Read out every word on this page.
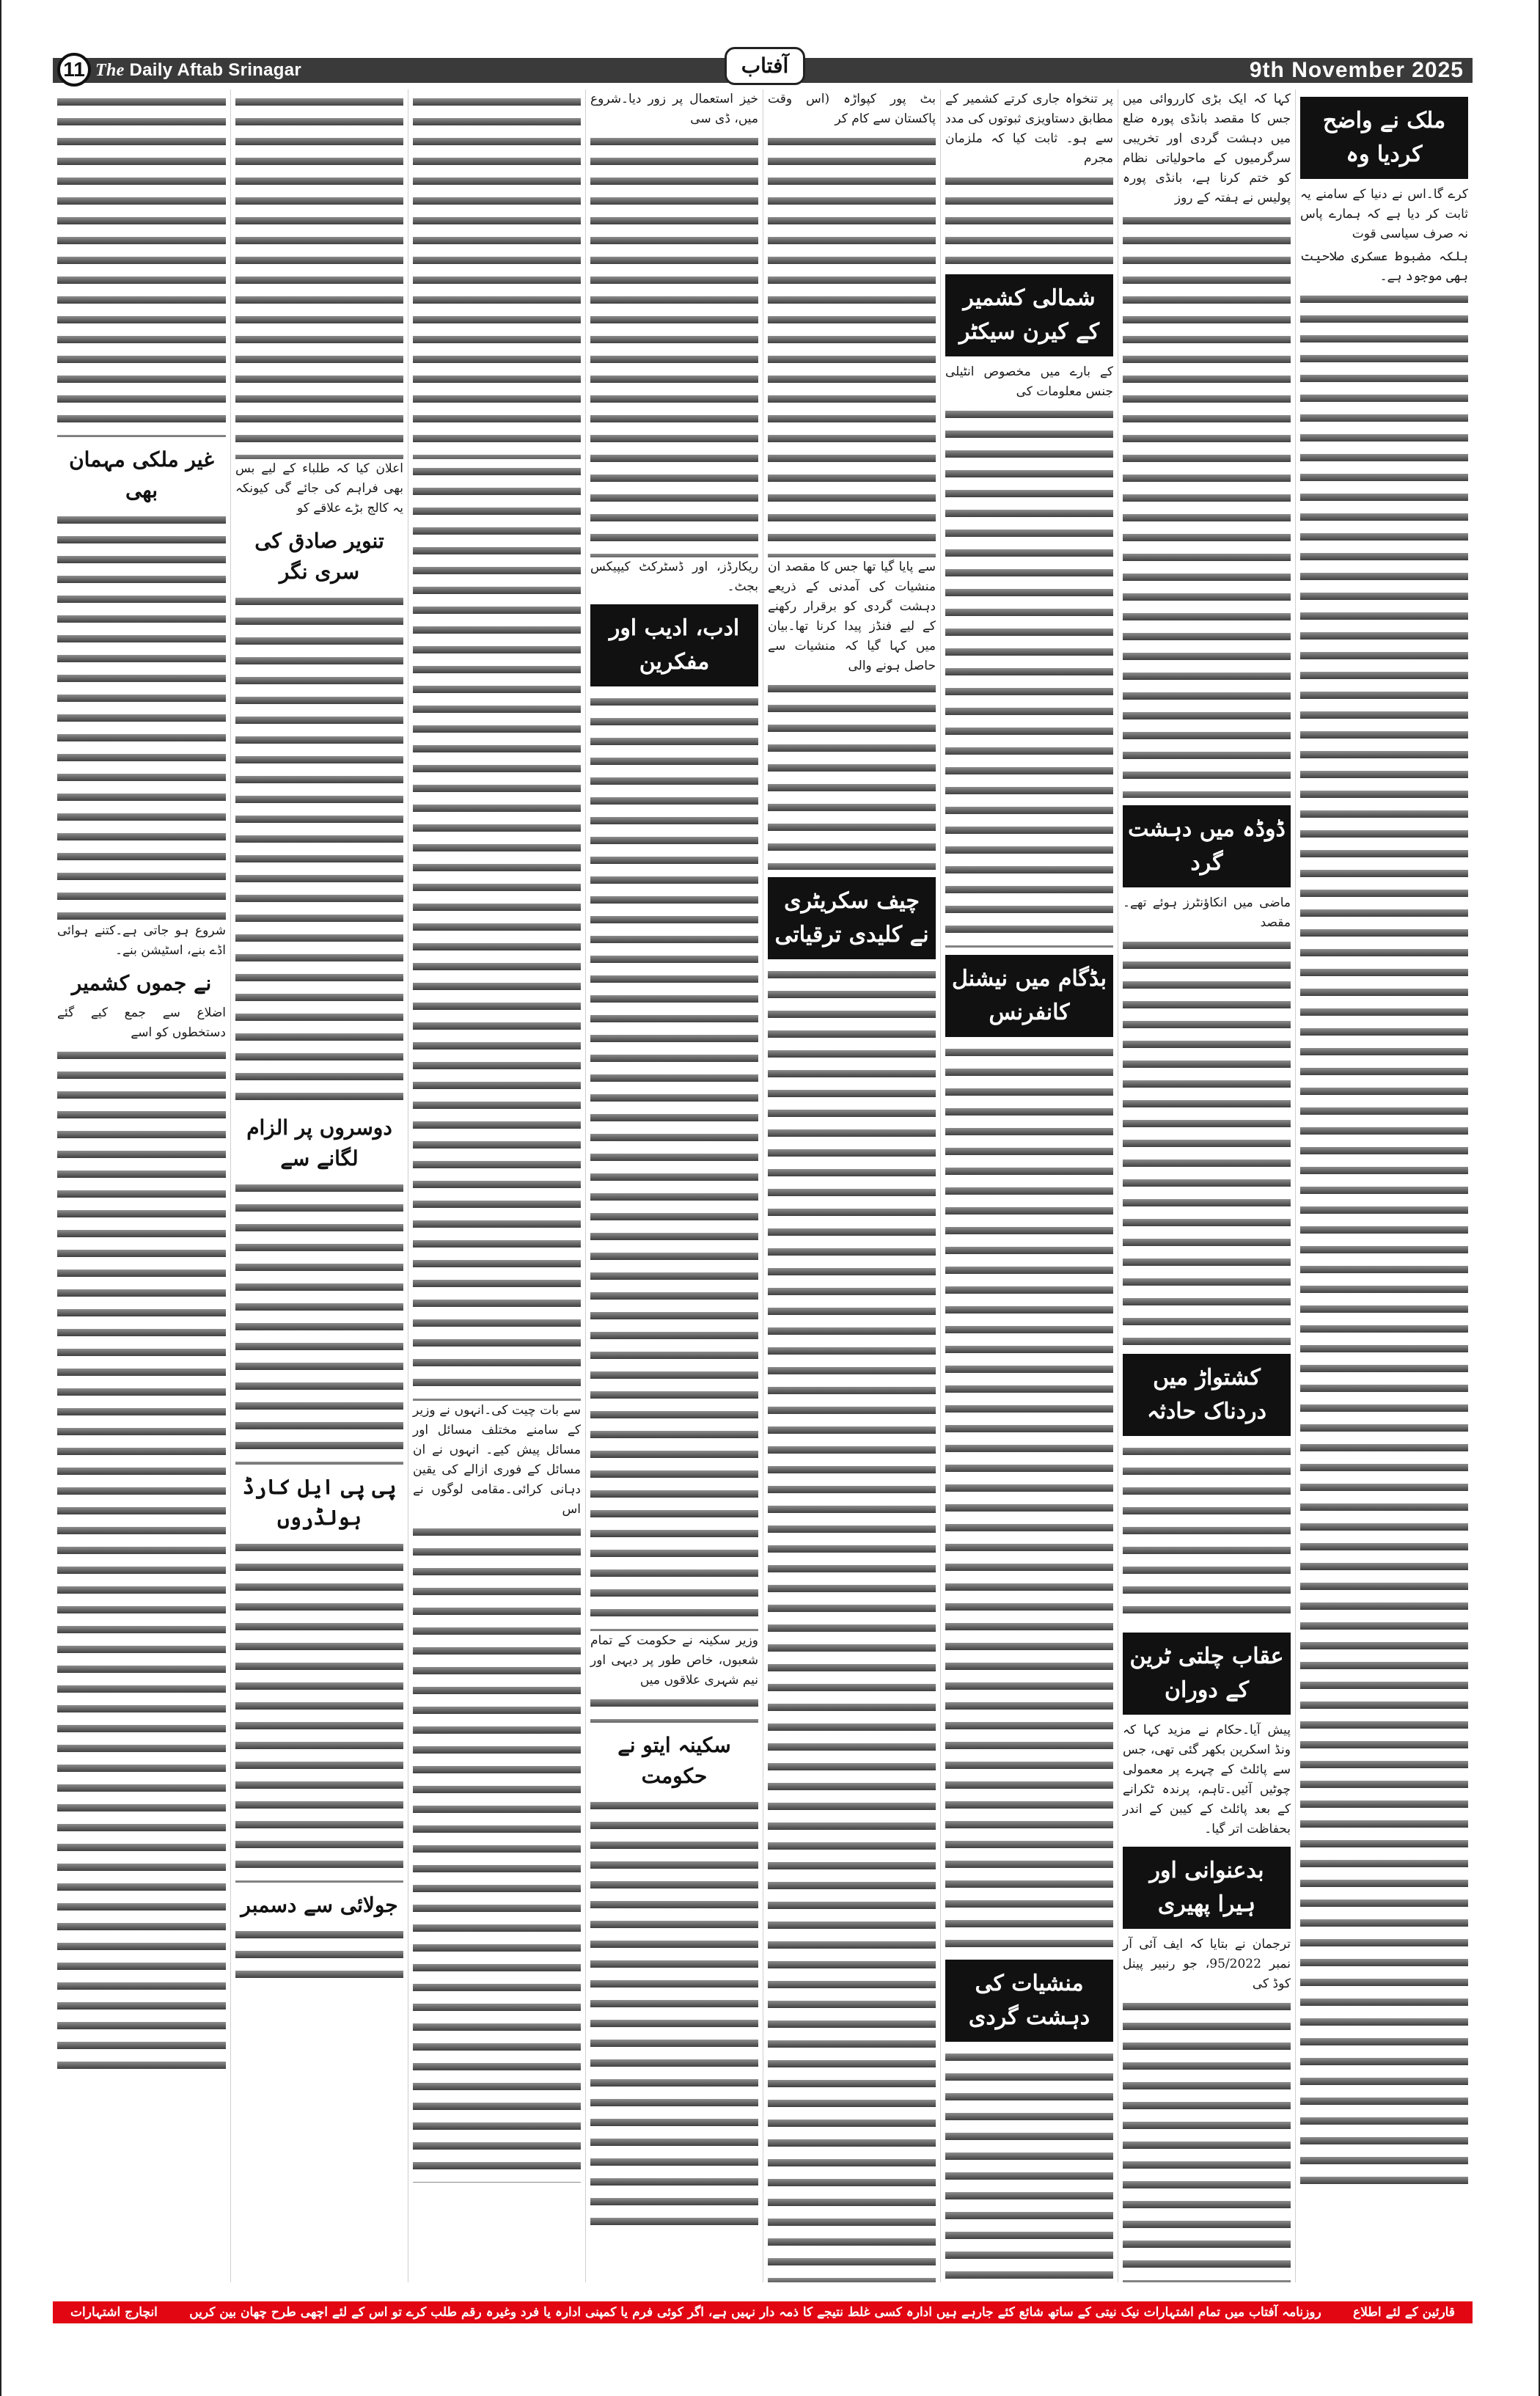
11 The Daily Aftab Srinagar	آفتاب	9th November 2025
ملک نے واضح کردیا وہ

کرے گا۔اس نے دنیا کے سامنے یہ ثابت کر دیا ہے کہ ہمارے پاس نہ صرف سیاسی قوت

بلکہ مضبوط عسکری صلاحیت بھی موجود ہے۔

کہا کہ ایک بڑی کارروائی میں جس کا مقصد بانڈی پورہ ضلع میں دہشت گردی اور تخریبی سرگرمیوں کے ماحولیاتی نظام کو ختم کرنا ہے، بانڈی پورہ پولیس نے ہفتہ کے روز

ڈوڈہ میں دہشت گرد

ماضی میں انکاؤنٹرز ہوئے تھے۔ مقصد

کشتواڑ میں دردناک حادثہ
عقاب چلتی ٹرین کے دوران

پیش آیا۔حکام نے مزید کہا کہ ونڈ اسکرین بکھر گئی تھی، جس سے پائلٹ کے چہرے پر معمولی چوٹیں آئیں۔تاہم، پرندہ ٹکرانے کے بعد پائلٹ کے کیبن کے اندر بحفاظت اتر گیا۔

بدعنوانی اور ہیرا پھیری

ترجمان نے بتایا کہ ایف آئی آر نمبر 95/2022، جو رنبیر پینل کوڈ کی

پر تنخواہ جاری کرتے کشمیر کے مطابق دستاویزی ثبوتوں کی مدد سے ہو۔ ثابت کیا کہ ملزمان مجرم

شمالی کشمیر کے کیرن سیکٹر

کے بارے میں مخصوص انٹیلی جنس معلومات کی

بڈگام میں نیشنل کانفرنس
منشیات کی دہشت گردی

بٹ پور کپواڑہ (اس وقت پاکستان سے کام کر

سے پایا گیا تھا جس کا مقصد ان منشیات کی آمدنی کے ذریعے دہشت گردی کو برقرار رکھنے کے لیے فنڈز پیدا کرنا تھا۔بیان میں کہا گیا کہ منشیات سے حاصل ہونے والی

چیف سکریٹری نے کلیدی ترقیاتی

خیز استعمال پر زور دیا۔شروع میں، ڈی سی

ریکارڈز، اور ڈسٹرکٹ کیپیکس بجٹ۔

ادب، ادیب اور مفکرین

وزیر سکینہ نے حکومت کے تمام شعبوں، خاص طور پر دیہی اور نیم شہری علاقوں میں

سکینہ ایتو نے حکومت

سے بات چیت کی۔انہوں نے وزیر کے سامنے مختلف مسائل اور مسائل پیش کیے۔ انہوں نے ان مسائل کے فوری ازالے کی یقین دہانی کرائی۔مقامی لوگوں نے اس

اعلان کیا کہ طلباء کے لیے بس بھی فراہم کی جائے گی کیونکہ یہ کالج بڑے علاقے کو

تنویر صادق کی سری نگر
دوسروں پر الزام لگانے سے
پی پی ایل کارڈ ہولڈروں
جولائی سے دسمبر
غیر ملکی مہمان بھی

شروع ہو جاتی ہے۔کتنے ہوائی اڈے بنے، اسٹیشن بنے۔

نے جموں کشمیر

اضلاع سے جمع کیے گئے دستخطوں کو اسے

قارئین کے لئے اطلاع
روزنامہ آفتاب میں تمام اشتہارات نیک نیتی کے ساتھ شائع کئے جارہے ہیں ادارہ کسی غلط نتیجے کا ذمہ دار نہیں ہے، اگر کوئی فرم یا کمپنی ادارہ یا فرد وغیرہ رقم طلب کرے تو اس کے لئے اچھی طرح چھان بین کریں
انچارج اشتہارات
